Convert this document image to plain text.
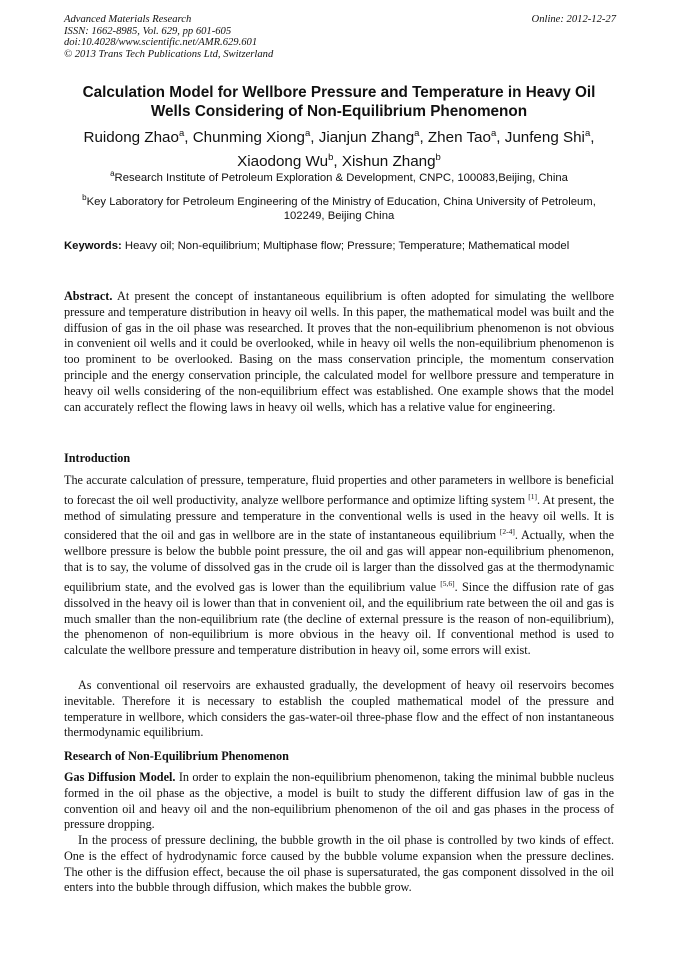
Advanced Materials Research
ISSN: 1662-8985, Vol. 629, pp 601-605
doi:10.4028/www.scientific.net/AMR.629.601
© 2013 Trans Tech Publications Ltd, Switzerland
Online: 2012-12-27
Calculation Model for Wellbore Pressure and Temperature in Heavy Oil
Wells Considering of Non-Equilibrium Phenomenon
Ruidong Zhao$^a$, Chunming Xiong$^a$, Jianjun Zhang$^a$, Zhen Tao$^a$, Junfeng Shi$^a$,
Xiaodong Wu$^b$, Xishun Zhang$^b$
$^a$Research Institute of Petroleum Exploration & Development, CNPC, 100083,Beijing, China
$^b$Key Laboratory for Petroleum Engineering of the Ministry of Education, China University of Petroleum, 102249, Beijing China
Keywords: Heavy oil; Non-equilibrium; Multiphase flow; Pressure; Temperature; Mathematical model

Abstract. At present the concept of instantaneous equilibrium is often adopted for simulating the wellbore pressure and temperature distribution in heavy oil wells. In this paper, the mathematical model was built and the diffusion of gas in the oil phase was researched. It proves that the non-equilibrium phenomenon is not obvious in convenient oil wells and it could be overlooked, while in heavy oil wells the non-equilibrium phenomenon is too prominent to be overlooked. Basing on the mass conservation principle, the momentum conservation principle and the energy conservation principle, the calculated model for wellbore pressure and temperature in heavy oil wells considering of the non-equilibrium effect was established. One example shows that the model can accurately reflect the flowing laws in heavy oil wells, which has a relative value for engineering.

Introduction

The accurate calculation of pressure, temperature, fluid properties and other parameters in wellbore is beneficial to forecast the oil well productivity, analyze wellbore performance and optimize lifting system [1]. At present, the method of simulating pressure and temperature in the conventional wells is used in the heavy oil wells. It is considered that the oil and gas in wellbore are in the state of instantaneous equilibrium [2-4]. Actually, when the wellbore pressure is below the bubble point pressure, the oil and gas will appear non-equilibrium phenomenon, that is to say, the volume of dissolved gas in the crude oil is larger than the dissolved gas at the thermodynamic equilibrium state, and the evolved gas is lower than the equilibrium value [5,6]. Since the diffusion rate of gas dissolved in the heavy oil is lower than that in convenient oil, and the equilibrium rate between the oil and gas is much smaller than the non-equilibrium rate (the decline of external pressure is the reason of non-equilibrium), the phenomenon of non-equilibrium is more obvious in the heavy oil. If conventional method is used to calculate the wellbore pressure and temperature distribution in heavy oil, some errors will exist.

As conventional oil reservoirs are exhausted gradually, the development of heavy oil reservoirs becomes inevitable. Therefore it is necessary to establish the coupled mathematical model of the pressure and temperature in wellbore, which considers the gas-water-oil three-phase flow and the effect of non instantaneous thermodynamic equilibrium.

Research of Non-Equilibrium Phenomenon

Gas Diffusion Model. In order to explain the non-equilibrium phenomenon, taking the minimal bubble nucleus formed in the oil phase as the objective, a model is built to study the different diffusion law of gas in the convention oil and heavy oil and the non-equilibrium phenomenon of the oil and gas phases in the process of pressure dropping.

In the process of pressure declining, the bubble growth in the oil phase is controlled by two kinds of effect. One is the effect of hydrodynamic force caused by the bubble volume expansion when the pressure declines. The other is the diffusion effect, because the oil phase is supersaturated, the gas component dissolved in the oil enters into the bubble through diffusion, which makes the bubble grow.
